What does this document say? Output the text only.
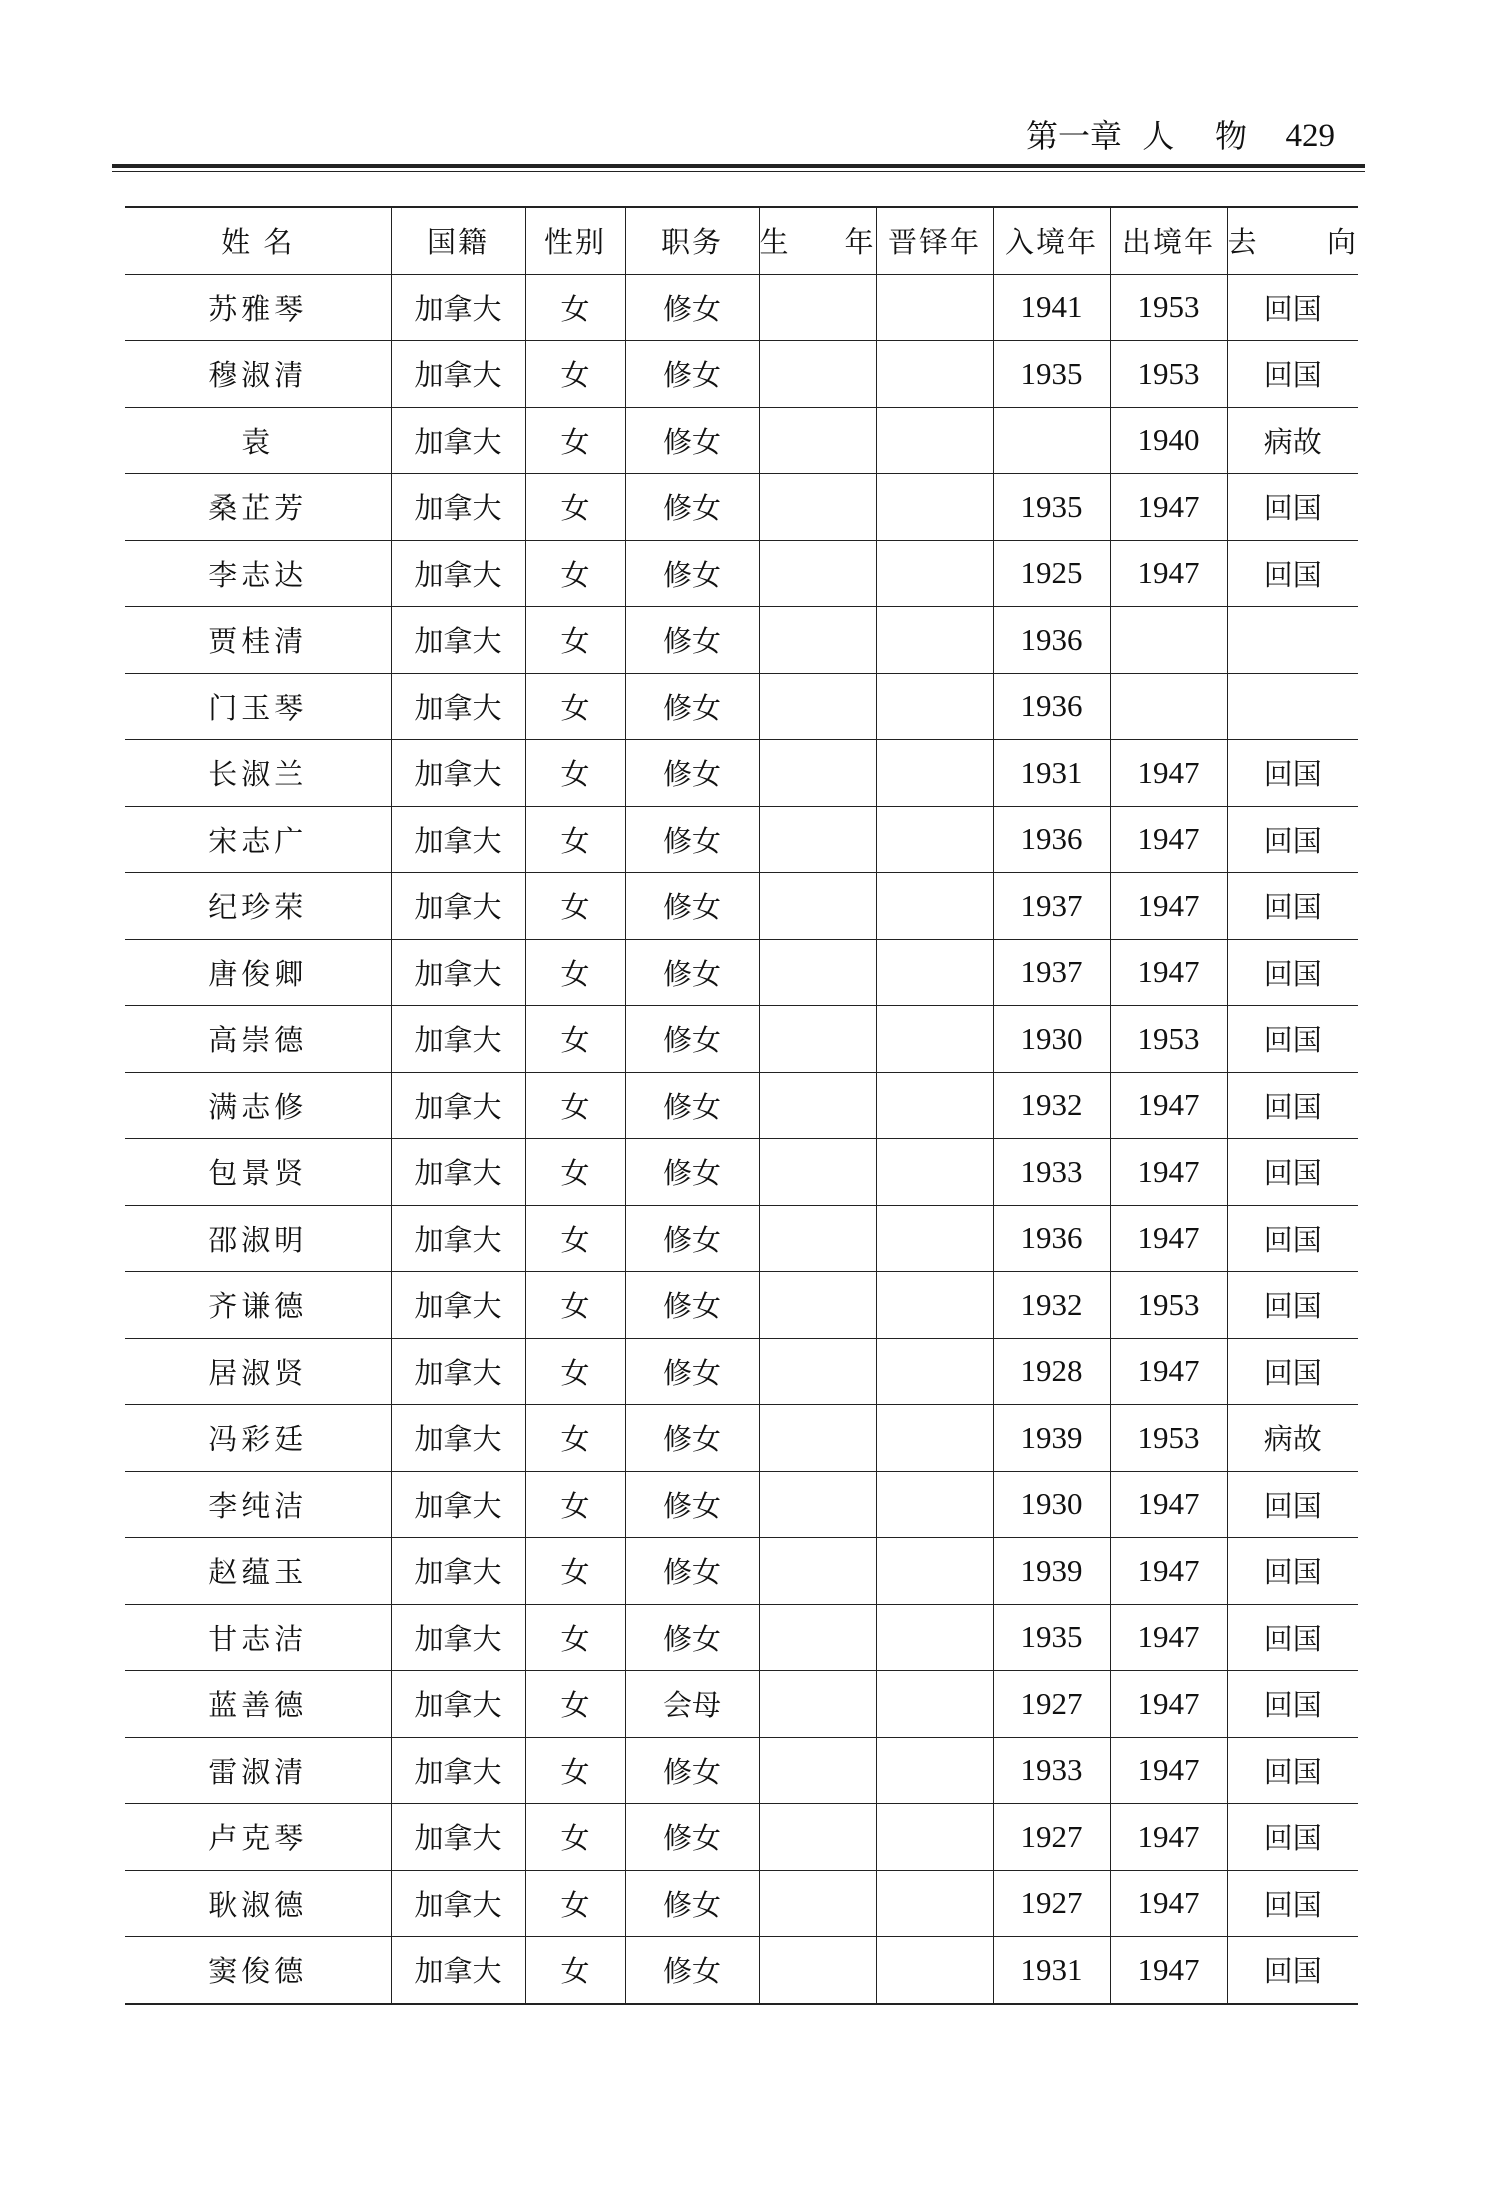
第一章  人    物 429
姓 名	国籍	性别	职务	生 年	晋铎年	入境年	出境年	去 向
苏雅琴	加拿大	女	修女			1941	1953	回国
穆淑清	加拿大	女	修女			1935	1953	回国
袁	加拿大	女	修女				1940	病故
桑芷芳	加拿大	女	修女			1935	1947	回国
李志达	加拿大	女	修女			1925	1947	回国
贾桂清	加拿大	女	修女			1936		
门玉琴	加拿大	女	修女			1936		
长淑兰	加拿大	女	修女			1931	1947	回国
宋志广	加拿大	女	修女			1936	1947	回国
纪珍荣	加拿大	女	修女			1937	1947	回国
唐俊卿	加拿大	女	修女			1937	1947	回国
高崇德	加拿大	女	修女			1930	1953	回国
满志修	加拿大	女	修女			1932	1947	回国
包景贤	加拿大	女	修女			1933	1947	回国
邵淑明	加拿大	女	修女			1936	1947	回国
齐谦德	加拿大	女	修女			1932	1953	回国
居淑贤	加拿大	女	修女			1928	1947	回国
冯彩廷	加拿大	女	修女			1939	1953	病故
李纯洁	加拿大	女	修女			1930	1947	回国
赵蕴玉	加拿大	女	修女			1939	1947	回国
甘志洁	加拿大	女	修女			1935	1947	回国
蓝善德	加拿大	女	会母			1927	1947	回国
雷淑清	加拿大	女	修女			1933	1947	回国
卢克琴	加拿大	女	修女			1927	1947	回国
耿淑德	加拿大	女	修女			1927	1947	回国
窦俊德	加拿大	女	修女			1931	1947	回国
